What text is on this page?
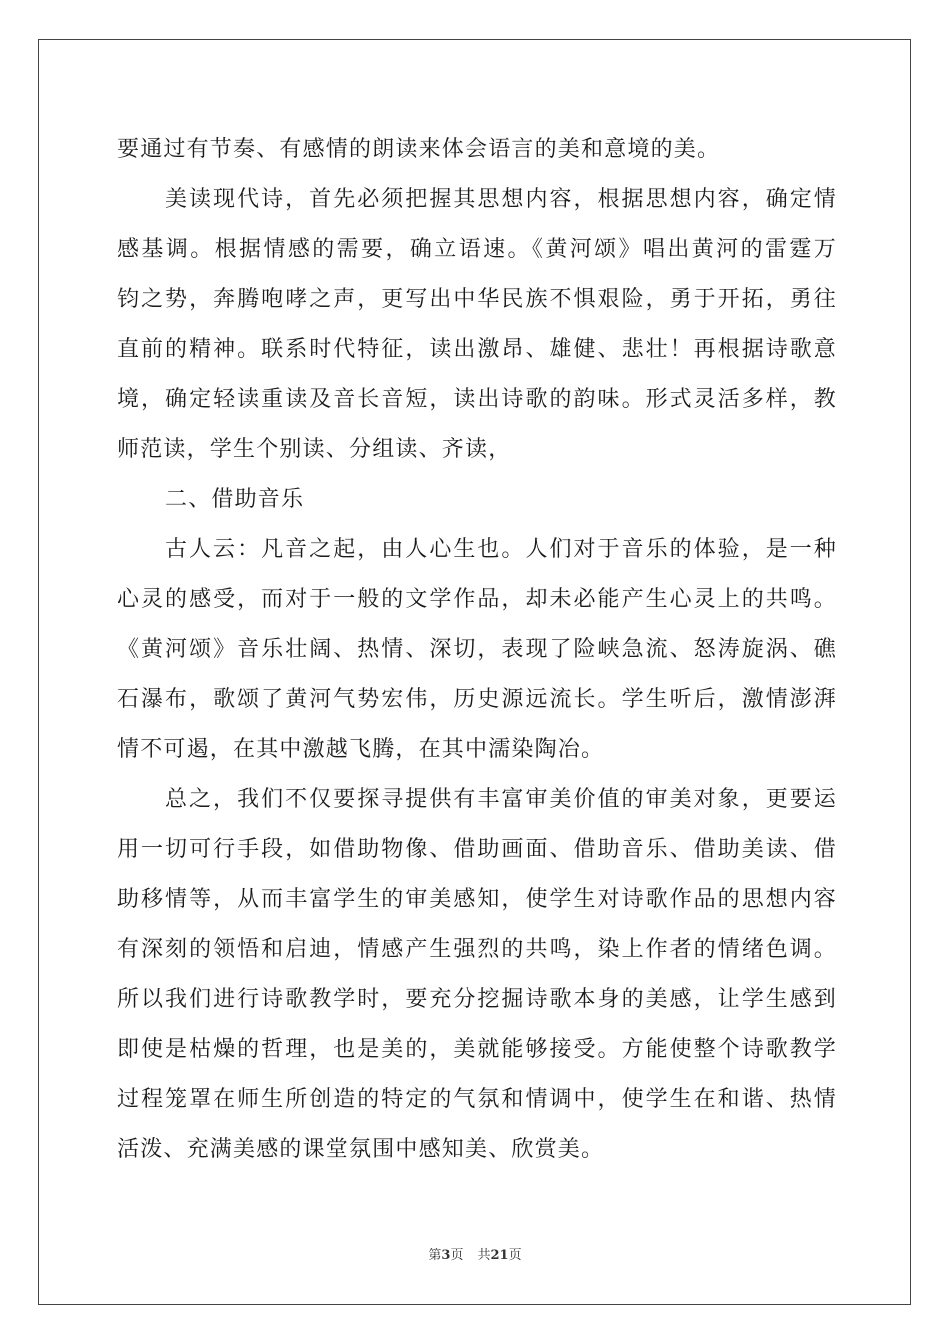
要通过有节奏、有感情的朗读来体会语言的美和意境的美。
美读现代诗，首先必须把握其思想内容，根据思想内容，确定情
感基调。根据情感的需要，确立语速。《黄河颂》唱出黄河的雷霆万
钧之势，奔腾咆哮之声，更写出中华民族不惧艰险，勇于开拓，勇往
直前的精神。联系时代特征，读出激昂、雄健、悲壮！再根据诗歌意
境，确定轻读重读及音长音短，读出诗歌的韵味。形式灵活多样，教
师范读，学生个别读、分组读、齐读，
二、借助音乐
古人云：凡音之起，由人心生也。人们对于音乐的体验，是一种
心灵的感受，而对于一般的文学作品，却未必能产生心灵上的共鸣。
《黄河颂》音乐壮阔、热情、深切，表现了险峡急流、怒涛旋涡、礁
石瀑布，歌颂了黄河气势宏伟，历史源远流长。学生听后，激情澎湃
情不可遏，在其中激越飞腾，在其中濡染陶冶。
总之，我们不仅要探寻提供有丰富审美价值的审美对象，更要运
用一切可行手段，如借助物像、借助画面、借助音乐、借助美读、借
助移情等，从而丰富学生的审美感知，使学生对诗歌作品的思想内容
有深刻的领悟和启迪，情感产生强烈的共鸣，染上作者的情绪色调。
所以我们进行诗歌教学时，要充分挖掘诗歌本身的美感，让学生感到
即使是枯燥的哲理，也是美的，美就能够接受。方能使整个诗歌教学
过程笼罩在师生所创造的特定的气氛和情调中，使学生在和谐、热情
活泼、充满美感的课堂氛围中感知美、欣赏美。
第3页 共21页
